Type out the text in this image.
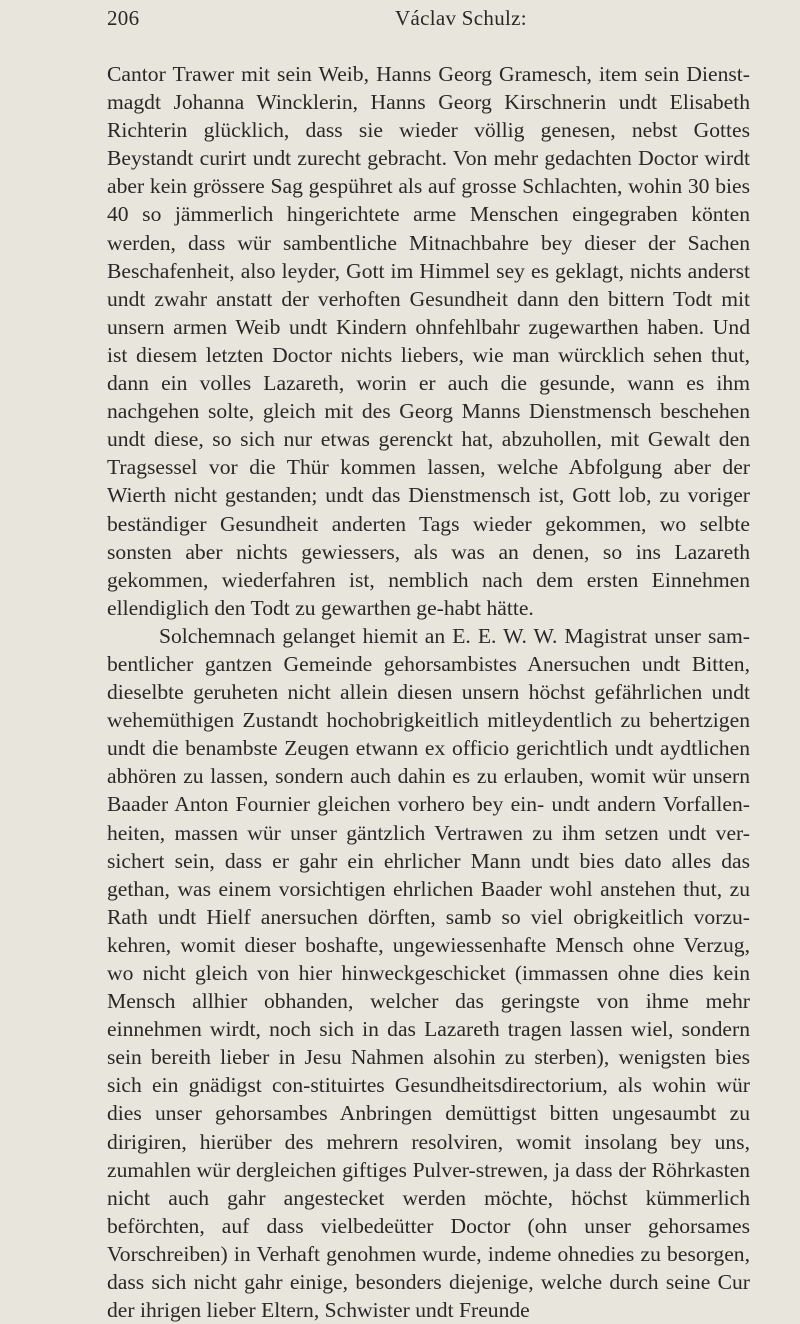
206	Václav Schulz:

Cantor Trawer mit sein Weib, Hanns Georg Gramesch, item sein Dienst-magdt Johanna Wincklerin, Hanns Georg Kirschnerin undt Elisabeth Richterin glücklich, dass sie wieder völlig genesen, nebst Gottes Beystandt curirt undt zurecht gebracht. Von mehr gedachten Doctor wirdt aber kein grössere Sag gespühret als auf grosse Schlachten, wohin 30 bies 40 so jämmerlich hingerichtete arme Menschen eingegraben könten werden, dass wür sambentliche Mitnachbahre bey dieser der Sachen Beschafenheit, also leyder, Gott im Himmel sey es geklagt, nichts anderst undt zwahr anstatt der verhoften Gesundheit dann den bittern Todt mit unsern armen Weib undt Kindern ohnfehlbahr zugewarthen haben. Und ist diesem letzten Doctor nichts liebers, wie man würcklich sehen thut, dann ein volles Lazareth, worin er auch die gesunde, wann es ihm nachgehen solte, gleich mit des Georg Manns Dienstmensch beschehen undt diese, so sich nur etwas gerenckt hat, abzuhollen, mit Gewalt den Tragsessel vor die Thür kommen lassen, welche Abfolgung aber der Wierth nicht gestanden; undt das Dienstmensch ist, Gott lob, zu voriger beständiger Gesundheit anderten Tags wieder gekommen, wo selbte sonsten aber nichts gewiessers, als was an denen, so ins Lazareth gekommen, wiederfahren ist, nemblich nach dem ersten Einnehmen ellendiglich den Todt zu gewarthen ge-habt hätte.

Solchemnach gelanget hiemit an E. E. W. W. Magistrat unser sam-bentlicher gantzen Gemeinde gehorsambistes Anersuchen undt Bitten, dieselbte geruheten nicht allein diesen unsern höchst gefährlichen undt wehemüthigen Zustandt hochobrigkeitlich mitleydentlich zu behertzigen undt die benambste Zeugen etwann ex officio gerichtlich undt aydtlichen abhören zu lassen, sondern auch dahin es zu erlauben, womit wür unsern Baader Anton Fournier gleichen vorhero bey ein- undt andern Vorfallen-heiten, massen wür unser gäntzlich Vertrawen zu ihm setzen undt ver-sichert sein, dass er gahr ein ehrlicher Mann undt bies dato alles das gethan, was einem vorsichtigen ehrlichen Baader wohl anstehen thut, zu Rath undt Hielf anersuchen dörften, samb so viel obrigkeitlich vorzu-kehren, womit dieser boshafte, ungewiessenhafte Mensch ohne Verzug, wo nicht gleich von hier hinweckgeschicket (immassen ohne dies kein Mensch allhier obhanden, welcher das geringste von ihme mehr einnehmen wirdt, noch sich in das Lazareth tragen lassen wiel, sondern sein bereith lieber in Jesu Nahmen alsohin zu sterben), wenigsten bies sich ein gnädigst con-stituirtes Gesundheitsdirectorium, als wohin wür dies unser gehorsambes Anbringen demüttigst bitten ungesaumbt zu dirigiren, hierüber des mehrern resolviren, womit insolang bey uns, zumahlen wür dergleichen giftiges Pulver-strewen, ja dass der Röhrkasten nicht auch gahr angestecket werden möchte, höchst kümmerlich beförchten, auf dass vielbedeütter Doctor (ohn unser gehorsames Vorschreiben) in Verhaft genohmen wurde, indeme ohnedies zu besorgen, dass sich nicht gahr einige, besonders diejenige, welche durch seine Cur der ihrigen lieber Eltern, Schwister undt Freunde
